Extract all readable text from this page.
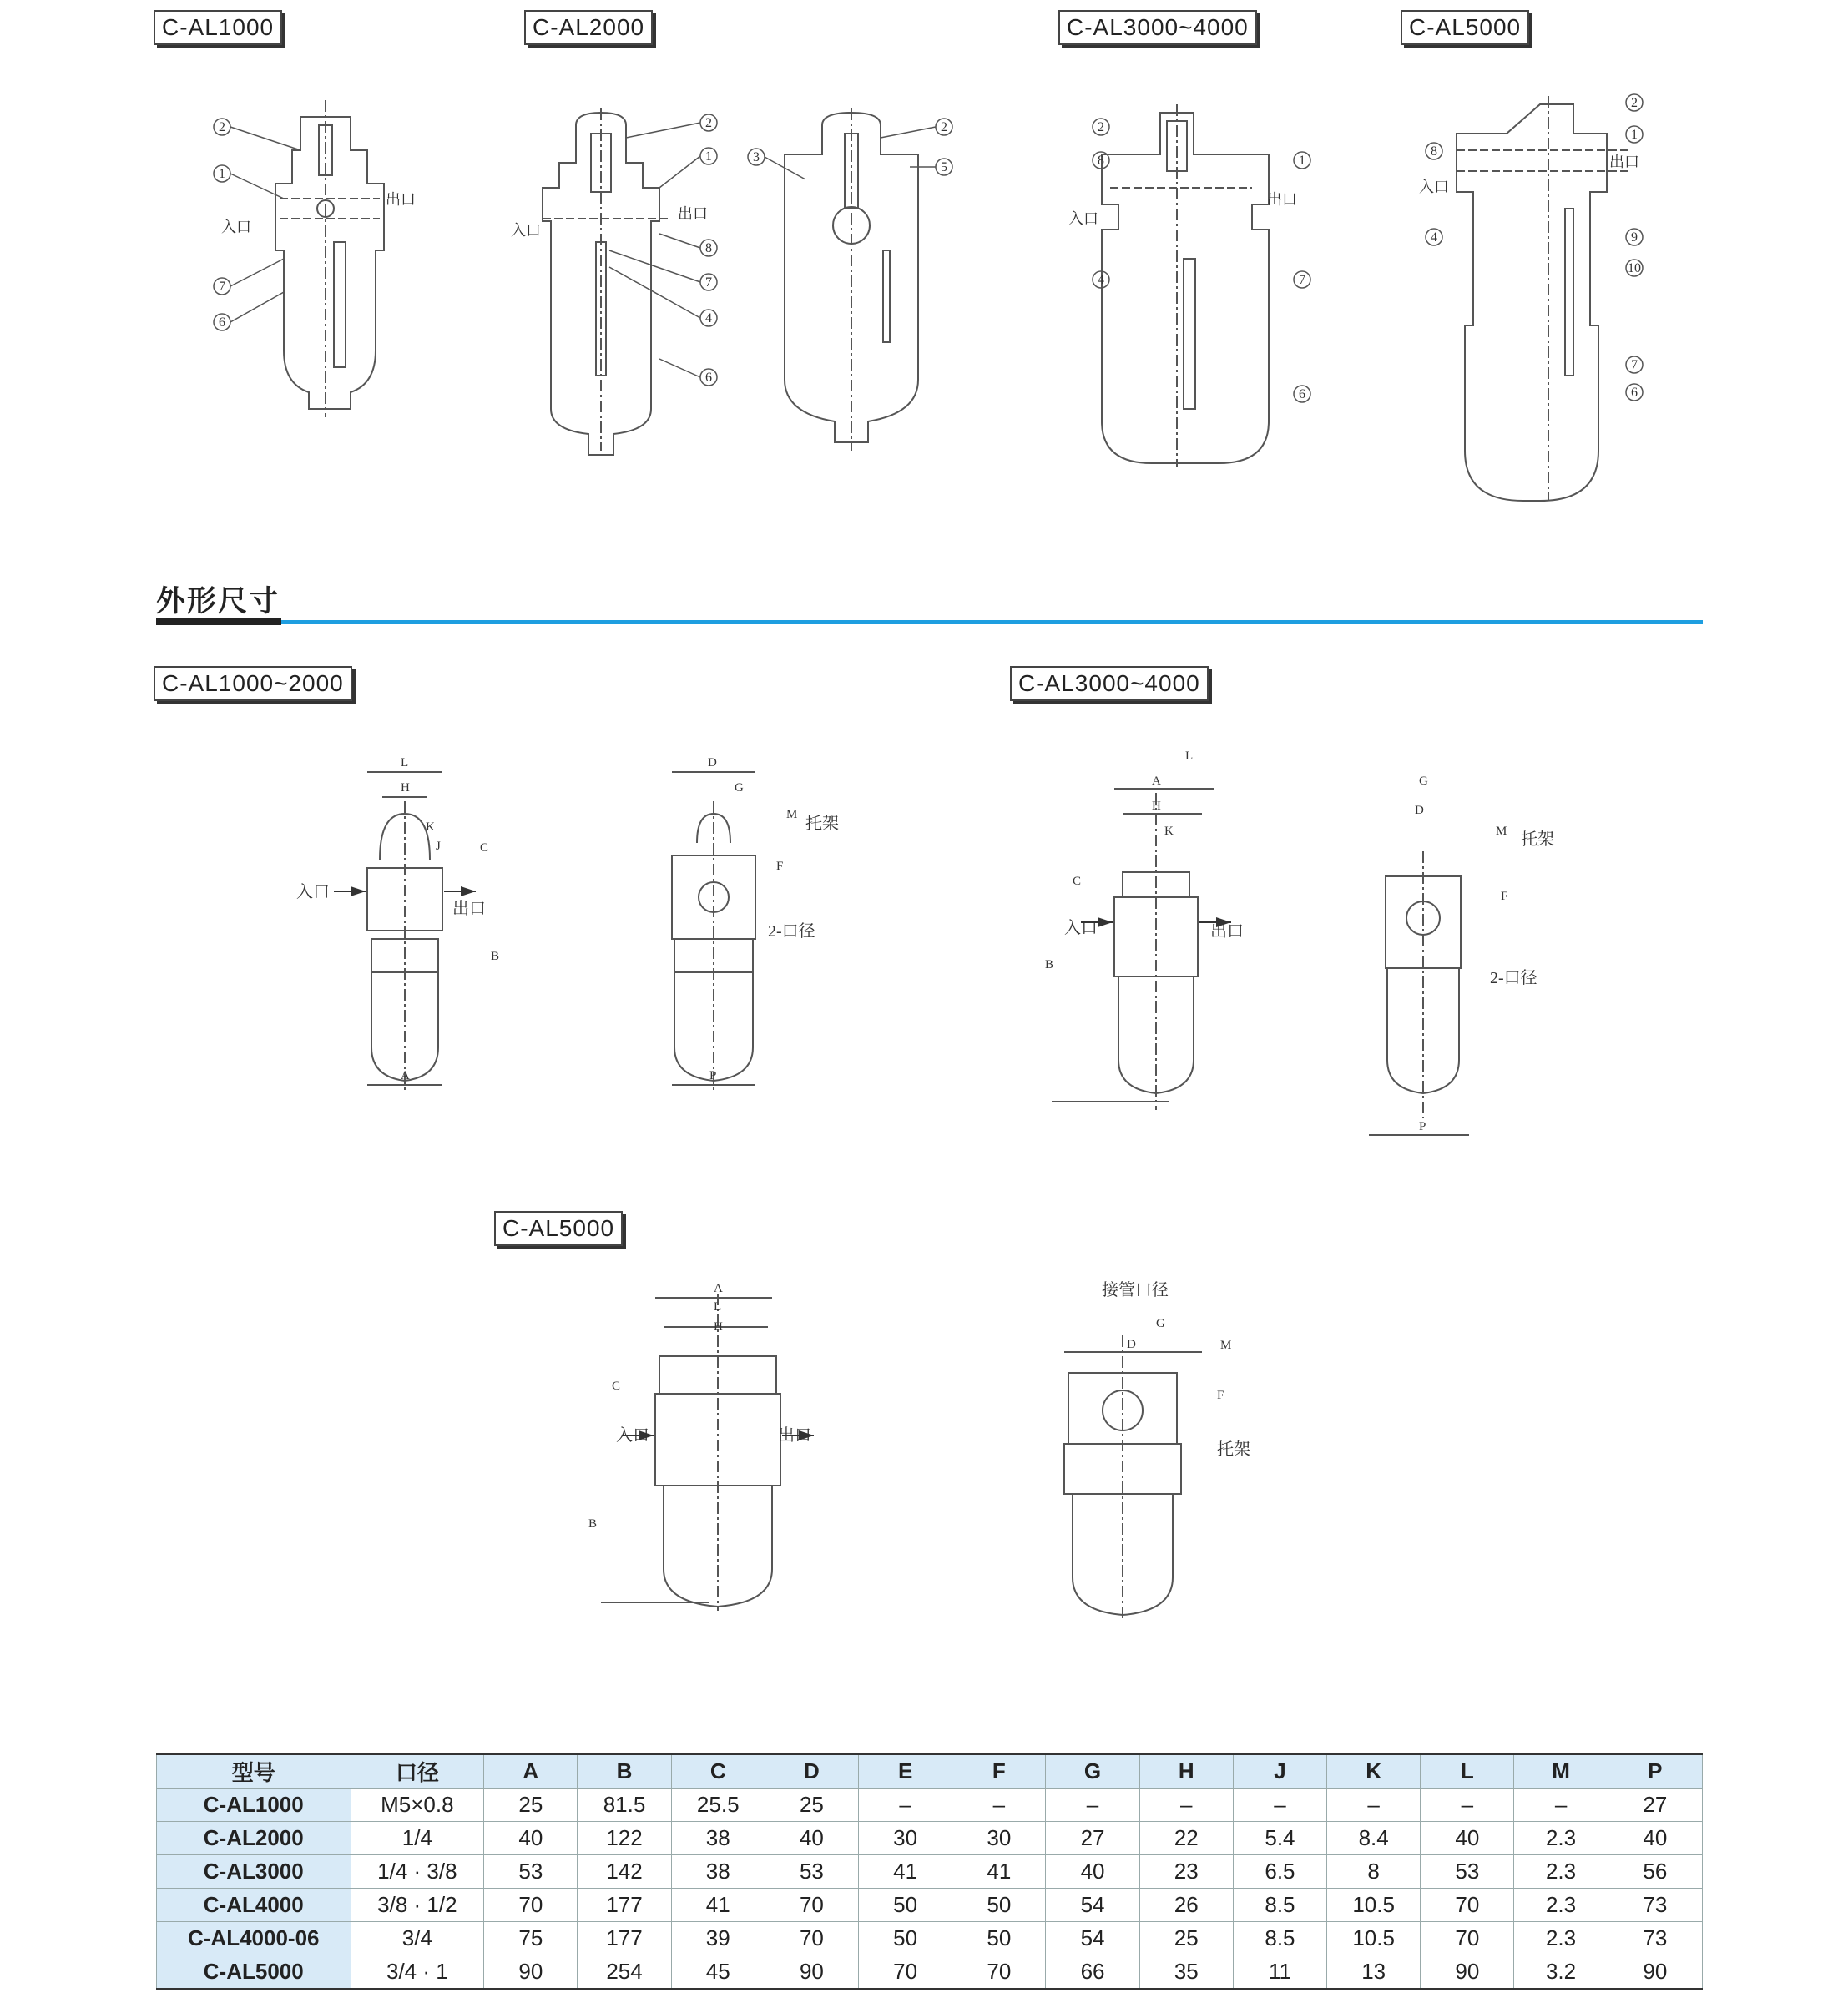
C-AL1000	C-AL2000	C-AL3000~4000	C-AL5000
外形尺寸
C-AL1000~2000	C-AL3000~4000
C-AL5000
2
1
7
6
2
1
8
7
4
6
3
2
5
2
8
4
1
7
6
2
1
8
4	9
10
7
6
入口
出口
入口
出口	入口
出口
入口
出口
入口
出口
托架
2-口径	入口	出口
托架
2-口径
入口	出口
接管口径
托架
L
H
A
B
C
K
J
D
G
M
F
P
L
A
H
K
B
C
G
D
M
F
P
A
L
H
B
C
G
D	M
F
型号	口径	A	B	C	D	E	F	G	H	J	K	L	M	P
C-AL1000	M5×0.8	25	81.5	25.5	25	–	–	–	–	–	–	–	–	27
C-AL2000	1/4	40	122	38	40	30	30	27	22	5.4	8.4	40	2.3	40
C-AL3000	1/4 · 3/8	53	142	38	53	41	41	40	23	6.5	8	53	2.3	56
C-AL4000	3/8 · 1/2	70	177	41	70	50	50	54	26	8.5	10.5	70	2.3	73
C-AL4000-06	3/4	75	177	39	70	50	50	54	25	8.5	10.5	70	2.3	73
C-AL5000	3/4 · 1	90	254	45	90	70	70	66	35	11	13	90	3.2	90
